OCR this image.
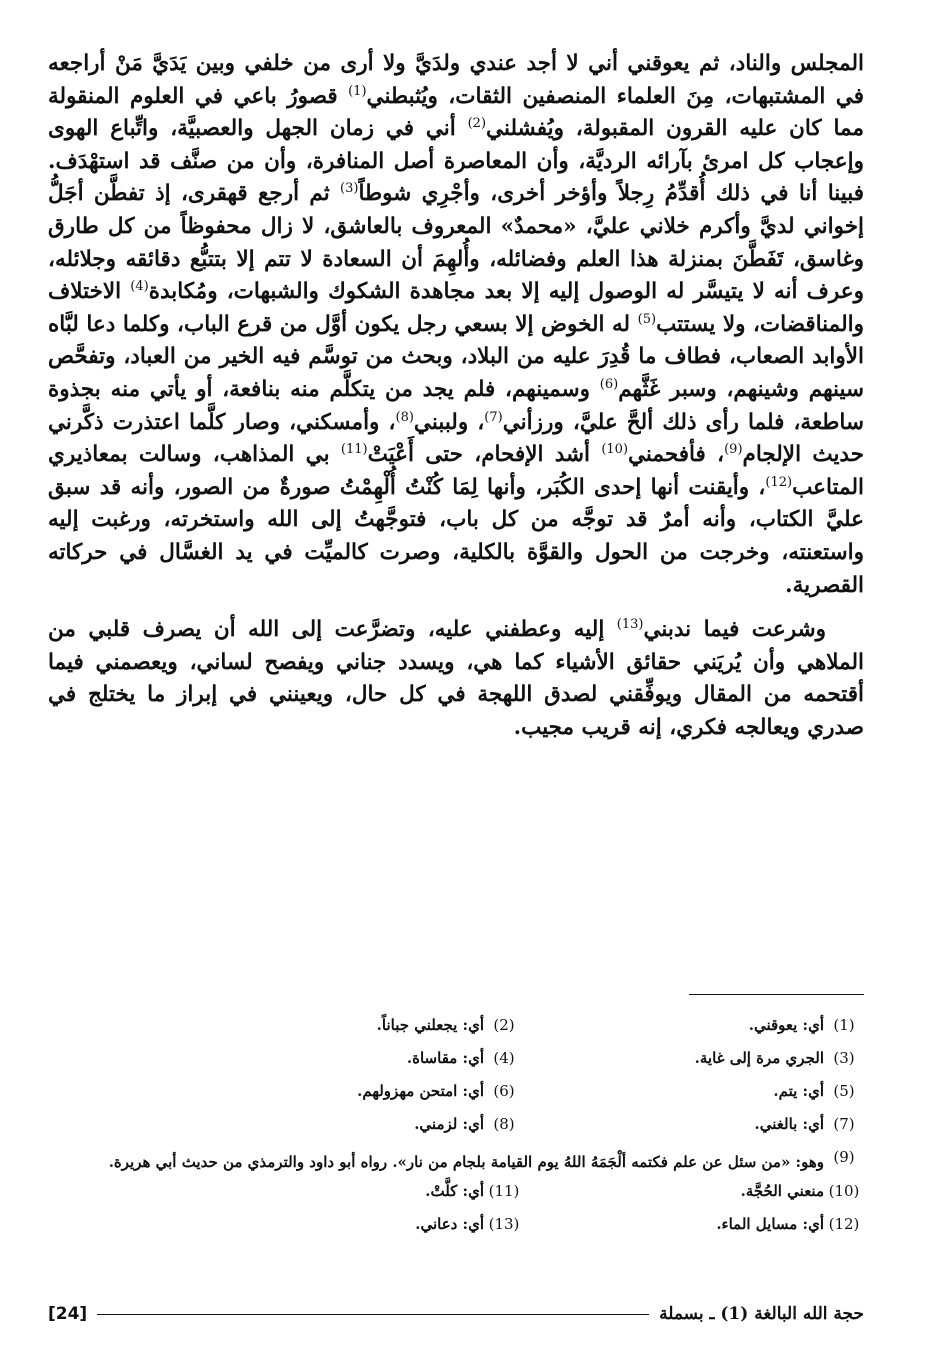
المجلس والناد، ثم يعوقني أني لا أجد عندي ولدَيَّ ولا أرى من خلفي وبين يَدَيَّ مَنْ أراجعه في المشتبهات، مِنَ العلماء المنصفين الثقات، ويُثبطني$^{(1)}$ قصورُ باعي في العلوم المنقولة مما كان عليه القرون المقبولة، ويُفشلني$^{(2)}$ أني في زمان الجهل والعصبيَّة، واتِّباع الهوى وإعجاب كل امرئ بآرائه الرديَّة، وأن المعاصرة أصل المنافرة، وأن من صنَّف قد استهْدَف. فبينا أنا في ذلك أُقدِّمُ رِجلاً وأؤخر أخرى، وأجْرِي شوطاً$^{(3)}$ ثم أرجع قهقرى، إذ تفطَّن أجَلُّ إخواني لديَّ وأكرم خلاني عليَّ، «محمدٌ» المعروف بالعاشق، لا زال محفوظاً من كل طارق وغاسق، تَفَطَّنَ بمنزلة هذا العلم وفضائله، وأُلهِمَ أن السعادة لا تتم إلا بتتبُّع دقائقه وجلائله، وعرف أنه لا يتيسَّر له الوصول إليه إلا بعد مجاهدة الشكوك والشبهات، ومُكابدة$^{(4)}$ الاختلاف والمناقضات، ولا يستتب$^{(5)}$ له الخوض إلا بسعي رجل يكون أوَّل من قرع الباب، وكلما دعا لبَّاه الأوابد الصعاب، فطاف ما قُدِرَ عليه من البلاد، وبحث من توسَّم فيه الخير من العباد، وتفحَّص سينهم وشينهم، وسبر غَثَّهم$^{(6)}$ وسمينهم، فلم يجد من يتكلَّم منه بنافعة، أو يأتي منه بجذوة ساطعة، فلما رأى ذلك ألحَّ عليَّ، ورزأني$^{(7)}$، ولببني$^{(8)}$، وأمسكني، وصار كلَّما اعتذرت ذكَّرني حديث الإلجام$^{(9)}$، فأفحمني$^{(10)}$ أشد الإفحام، حتى أَعْيَتْ$^{(11)}$ بي المذاهب، وسالت بمعاذيري المتاعب$^{(12)}$، وأيقنت أنها إحدى الكُبَر، وأنها لِمَا كُنْتُ أُلْهِمْتُ صورةٌ من الصور، وأنه قد سبق عليَّ الكتاب، وأنه أمرٌ قد توجَّه من كل باب، فتوجَّهتُ إلى الله واستخرته، ورغبت إليه واستعنته، وخرجت من الحول والقوَّة بالكلية، وصرت كالميِّت في يد الغسَّال في حركاته القصرية.

وشرعت فيما ندبني$^{(13)}$ إليه وعطفني عليه، وتضرَّعت إلى الله أن يصرف قلبي من الملاهي وأن يُريَني حقائق الأشياء كما هي، ويسدد جناني ويفصح لساني، ويعصمني فيما أقتحمه من المقال ويوفِّقني لصدق اللهجة في كل حال، ويعينني في إبراز ما يختلج في صدري ويعالجه فكري، إنه قريب مجيب.

(1)
أي: يعوقني.
(2)
أي: يجعلني جباناً.
(3)
الجري مرة إلى غاية.
(4)
أي: مقاساة.
(5)
أي: يتم.
(6)
أي: امتحن مهزولهم.
(7)
أي: بالغني.
(8)
أي: لزمني.
(9)
وهو: «من سئل عن علم فكتمه ألْجَمَهُ اللهُ يوم القيامة بلجام من نار». رواه أبو داود والترمذي من حديث أبي هريرة.
(10)
منعني الحُجَّة.
(11)
أي: كلَّتْ.
(12)
أي: مسايل الماء.
(13)
أي: دعاني.
حجة الله البالغة (1) ـ بسملة
[24]
